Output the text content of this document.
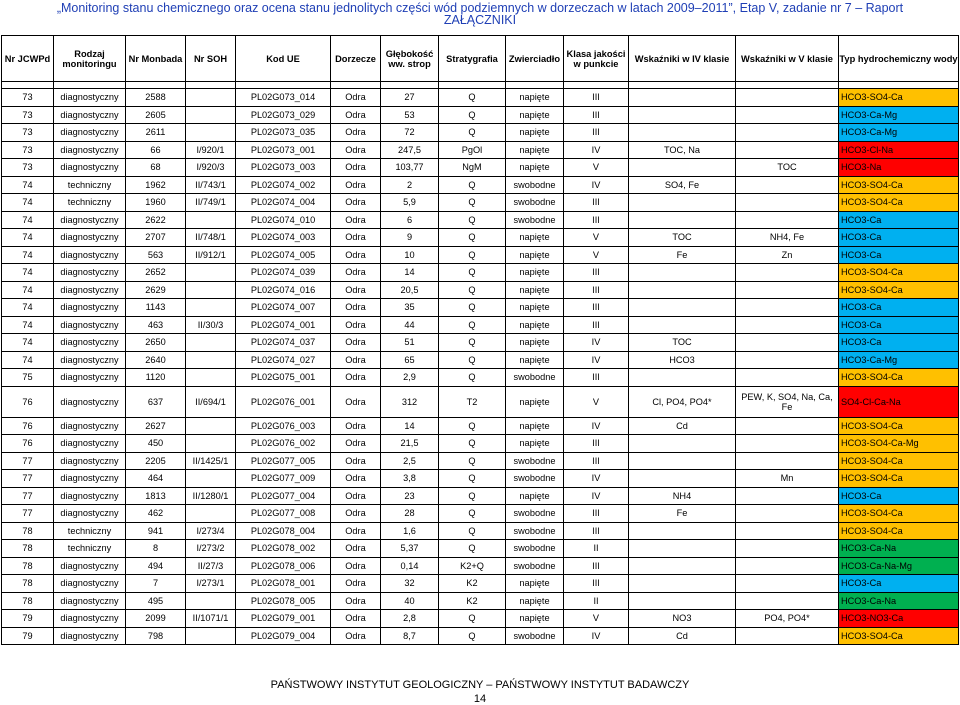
„Monitoring stanu chemicznego oraz ocena stanu jednolitych części wód podziemnych w dorzeczach w latach 2009–2011”, Etap V, zadanie nr 7 – Raport
ZAŁĄCZNIKI
Nr JCWPd	Rodzaj monitoringu	Nr Monbada	Nr SOH	Kod UE	Dorzecze	Głębokość ww. strop	Stratygrafia	Zwierciadło	Klasa jakości w punkcie	Wskaźniki w IV klasie	Wskaźniki w V klasie	Typ hydrochemiczny wody

73	diagnostyczny	2588		PL02G073_014	Odra	27	Q	napięte	III			HCO3-SO4-Ca
73	diagnostyczny	2605		PL02G073_029	Odra	53	Q	napięte	III			HCO3-Ca-Mg
73	diagnostyczny	2611		PL02G073_035	Odra	72	Q	napięte	III			HCO3-Ca-Mg
73	diagnostyczny	66	I/920/1	PL02G073_001	Odra	247,5	PgOl	napięte	IV	TOC, Na		HCO3-Cl-Na
73	diagnostyczny	68	I/920/3	PL02G073_003	Odra	103,77	NgM	napięte	V		TOC	HCO3-Na
74	techniczny	1962	II/743/1	PL02G074_002	Odra	2	Q	swobodne	IV	SO4, Fe		HCO3-SO4-Ca
74	techniczny	1960	II/749/1	PL02G074_004	Odra	5,9	Q	swobodne	III			HCO3-SO4-Ca
74	diagnostyczny	2622		PL02G074_010	Odra	6	Q	swobodne	III			HCO3-Ca
74	diagnostyczny	2707	II/748/1	PL02G074_003	Odra	9	Q	napięte	V	TOC	NH4, Fe	HCO3-Ca
74	diagnostyczny	563	II/912/1	PL02G074_005	Odra	10	Q	napięte	V	Fe	Zn	HCO3-Ca
74	diagnostyczny	2652		PL02G074_039	Odra	14	Q	napięte	III			HCO3-SO4-Ca
74	diagnostyczny	2629		PL02G074_016	Odra	20,5	Q	napięte	III			HCO3-SO4-Ca
74	diagnostyczny	1143		PL02G074_007	Odra	35	Q	napięte	III			HCO3-Ca
74	diagnostyczny	463	II/30/3	PL02G074_001	Odra	44	Q	napięte	III			HCO3-Ca
74	diagnostyczny	2650		PL02G074_037	Odra	51	Q	napięte	IV	TOC		HCO3-Ca
74	diagnostyczny	2640		PL02G074_027	Odra	65	Q	napięte	IV	HCO3		HCO3-Ca-Mg
75	diagnostyczny	1120		PL02G075_001	Odra	2,9	Q	swobodne	III			HCO3-SO4-Ca
76	diagnostyczny	637	II/694/1	PL02G076_001	Odra	312	T2	napięte	V	Cl, PO4, PO4*	PEW, K, SO4, Na, Ca, Fe	SO4-Cl-Ca-Na
76	diagnostyczny	2627		PL02G076_003	Odra	14	Q	napięte	IV	Cd		HCO3-SO4-Ca
76	diagnostyczny	450		PL02G076_002	Odra	21,5	Q	napięte	III			HCO3-SO4-Ca-Mg
77	diagnostyczny	2205	II/1425/1	PL02G077_005	Odra	2,5	Q	swobodne	III			HCO3-SO4-Ca
77	diagnostyczny	464		PL02G077_009	Odra	3,8	Q	swobodne	IV		Mn	HCO3-SO4-Ca
77	diagnostyczny	1813	II/1280/1	PL02G077_004	Odra	23	Q	napięte	IV	NH4		HCO3-Ca
77	diagnostyczny	462		PL02G077_008	Odra	28	Q	swobodne	III	Fe		HCO3-SO4-Ca
78	techniczny	941	I/273/4	PL02G078_004	Odra	1,6	Q	swobodne	III			HCO3-SO4-Ca
78	techniczny	8	I/273/2	PL02G078_002	Odra	5,37	Q	swobodne	II			HCO3-Ca-Na
78	diagnostyczny	494	II/27/3	PL02G078_006	Odra	0,14	K2+Q	swobodne	III			HCO3-Ca-Na-Mg
78	diagnostyczny	7	I/273/1	PL02G078_001	Odra	32	K2	napięte	III			HCO3-Ca
78	diagnostyczny	495		PL02G078_005	Odra	40	K2	napięte	II			HCO3-Ca-Na
79	diagnostyczny	2099	II/1071/1	PL02G079_001	Odra	2,8	Q	napięte	V	NO3	PO4, PO4*	HCO3-NO3-Ca
79	diagnostyczny	798		PL02G079_004	Odra	8,7	Q	swobodne	IV	Cd		HCO3-SO4-Ca
PAŃSTWOWY INSTYTUT GEOLOGICZNY – PAŃSTWOWY INSTYTUT BADAWCZY
14
